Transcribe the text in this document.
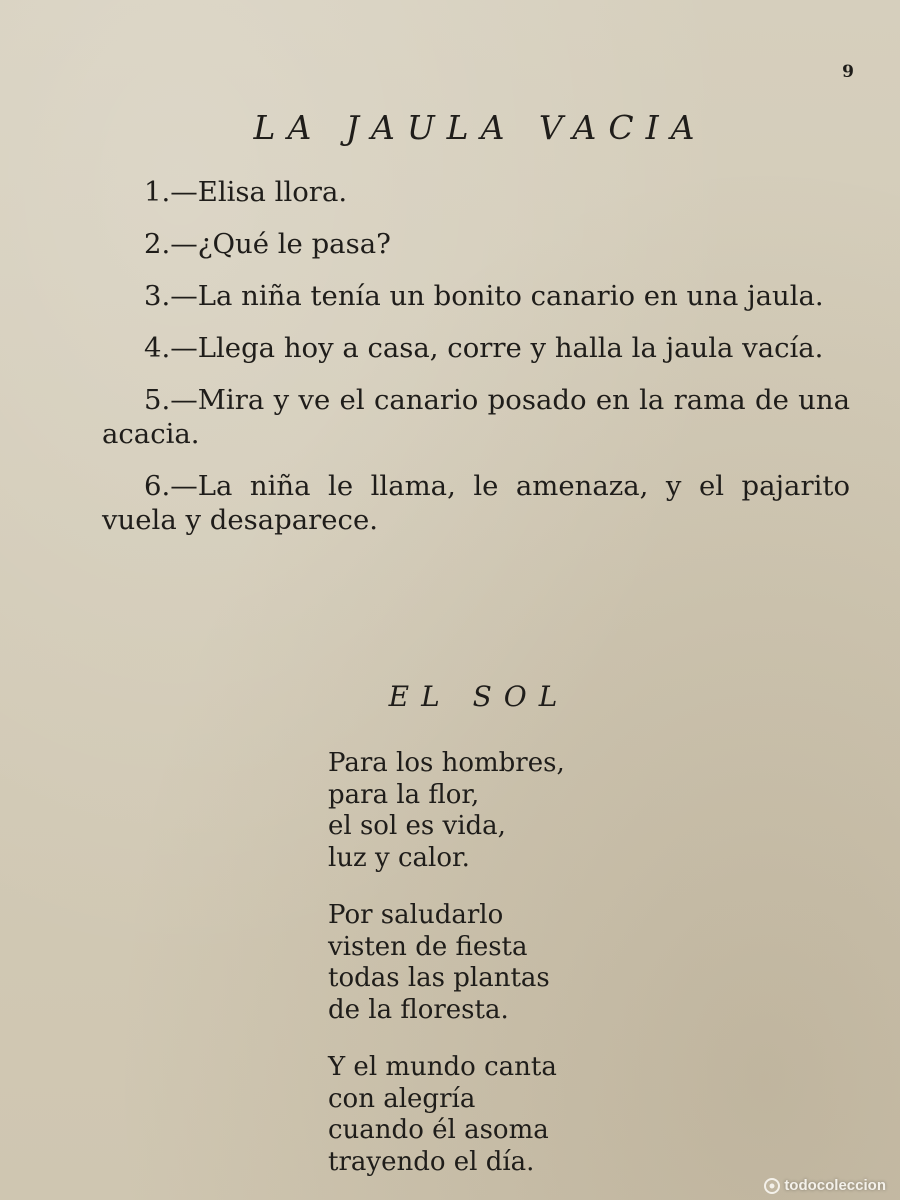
9
LA JAULA VACIA

1.—Elisa llora.

2.—¿Qué le pasa?

3.—La niña tenía un bonito canario en una jaula.

4.—Llega hoy a casa, corre y halla la jaula vacía.

5.—Mira y ve el canario posado en la rama de una acacia.

6.—La niña le llama, le amenaza, y el pajarito vuela y desaparece.

EL SOL
Para los hombres,
para la flor,
el sol es vida,
luz y calor.
Por saludarlo
visten de fiesta
todas las plantas
de la floresta.
Y el mundo canta
con alegría
cuando él asoma
trayendo el día.
todocoleccion
